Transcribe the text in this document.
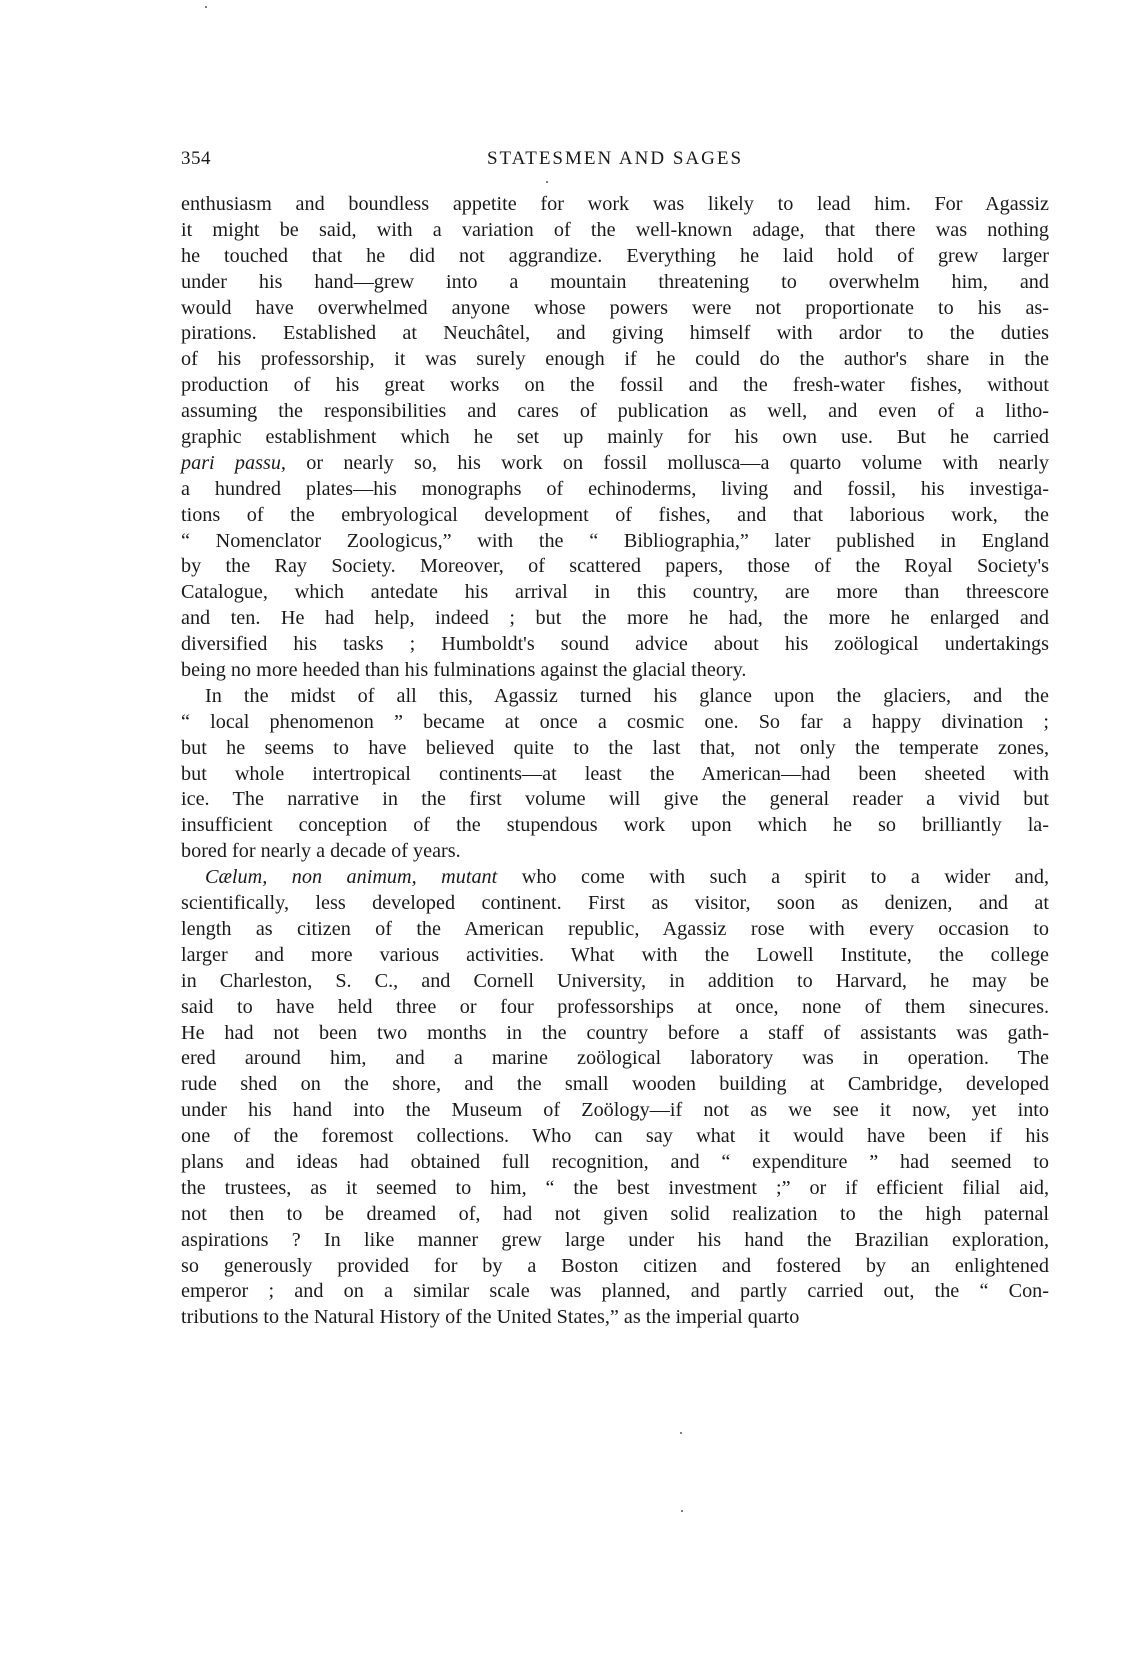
354	STATESMEN AND SAGES
enthusiasm and boundless appetite for work was likely to lead him. For Agassiz
it might be said, with a variation of the well-known adage, that there was nothing
he touched that he did not aggrandize. Everything he laid hold of grew larger
under his hand—grew into a mountain threatening to overwhelm him, and
would have overwhelmed anyone whose powers were not proportionate to his as-
pirations. Established at Neuchâtel, and giving himself with ardor to the duties
of his professorship, it was surely enough if he could do the author's share in the
production of his great works on the fossil and the fresh-water fishes, without
assuming the responsibilities and cares of publication as well, and even of a litho-
graphic establishment which he set up mainly for his own use. But he carried
pari passu, or nearly so, his work on fossil mollusca—a quarto volume with nearly
a hundred plates—his monographs of echinoderms, living and fossil, his investiga-
tions of the embryological development of fishes, and that laborious work, the
“ Nomenclator Zoologicus,” with the “ Bibliographia,” later published in England
by the Ray Society. Moreover, of scattered papers, those of the Royal Society's
Catalogue, which antedate his arrival in this country, are more than threescore
and ten. He had help, indeed ; but the more he had, the more he enlarged and
diversified his tasks ; Humboldt's sound advice about his zoölogical undertakings
being no more heeded than his fulminations against the glacial theory.
In the midst of all this, Agassiz turned his glance upon the glaciers, and the
“ local phenomenon ” became at once a cosmic one. So far a happy divination ;
but he seems to have believed quite to the last that, not only the temperate zones,
but whole intertropical continents—at least the American—had been sheeted with
ice. The narrative in the first volume will give the general reader a vivid but
insufficient conception of the stupendous work upon which he so brilliantly la-
bored for nearly a decade of years.
Cælum, non animum, mutant who come with such a spirit to a wider and,
scientifically, less developed continent. First as visitor, soon as denizen, and at
length as citizen of the American republic, Agassiz rose with every occasion to
larger and more various activities. What with the Lowell Institute, the college
in Charleston, S. C., and Cornell University, in addition to Harvard, he may be
said to have held three or four professorships at once, none of them sinecures.
He had not been two months in the country before a staff of assistants was gath-
ered around him, and a marine zoölogical laboratory was in operation. The
rude shed on the shore, and the small wooden building at Cambridge, developed
under his hand into the Museum of Zoölogy—if not as we see it now, yet into
one of the foremost collections. Who can say what it would have been if his
plans and ideas had obtained full recognition, and “ expenditure ” had seemed to
the trustees, as it seemed to him, “ the best investment ;” or if efficient filial aid,
not then to be dreamed of, had not given solid realization to the high paternal
aspirations ? In like manner grew large under his hand the Brazilian exploration,
so generously provided for by a Boston citizen and fostered by an enlightened
emperor ; and on a similar scale was planned, and partly carried out, the “ Con-
tributions to the Natural History of the United States,” as the imperial quarto
